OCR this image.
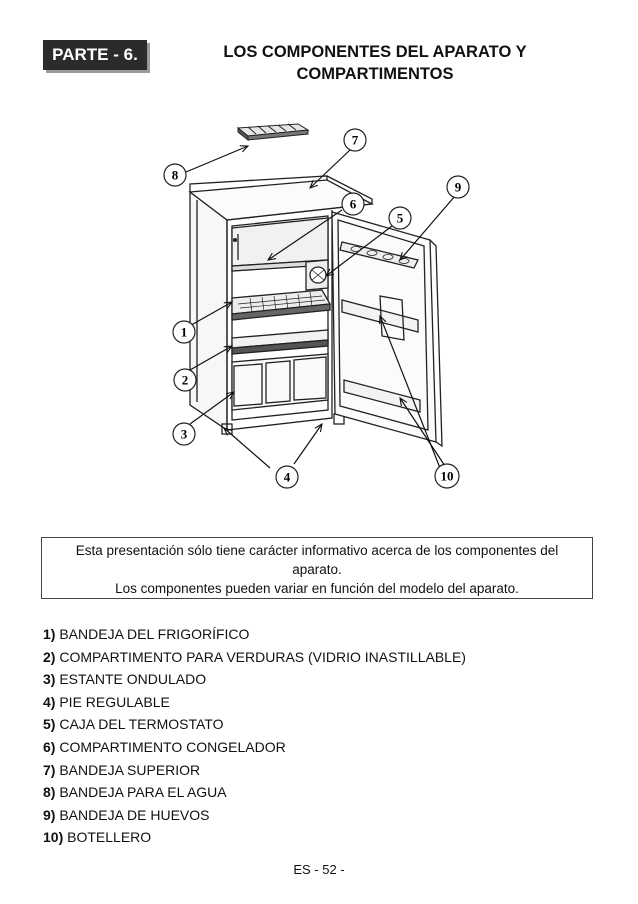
PARTE - 6.	LOS COMPONENTES DEL APARATO Y
COMPARTIMENTOS
7
8
9
6
5
1
2
3
4	10
Esta presentación sólo tiene carácter informativo acerca de los componentes del
aparato.
Los componentes pueden variar en función del modelo del aparato.
1) BANDEJA DEL FRIGORÍFICO
2) COMPARTIMENTO PARA VERDURAS (VIDRIO INASTILLABLE)
3) ESTANTE ONDULADO
4) PIE REGULABLE
5) CAJA DEL TERMOSTATO
6) COMPARTIMENTO CONGELADOR
7) BANDEJA SUPERIOR
8) BANDEJA PARA EL AGUA
9) BANDEJA DE HUEVOS
10) BOTELLERO
ES - 52 -
